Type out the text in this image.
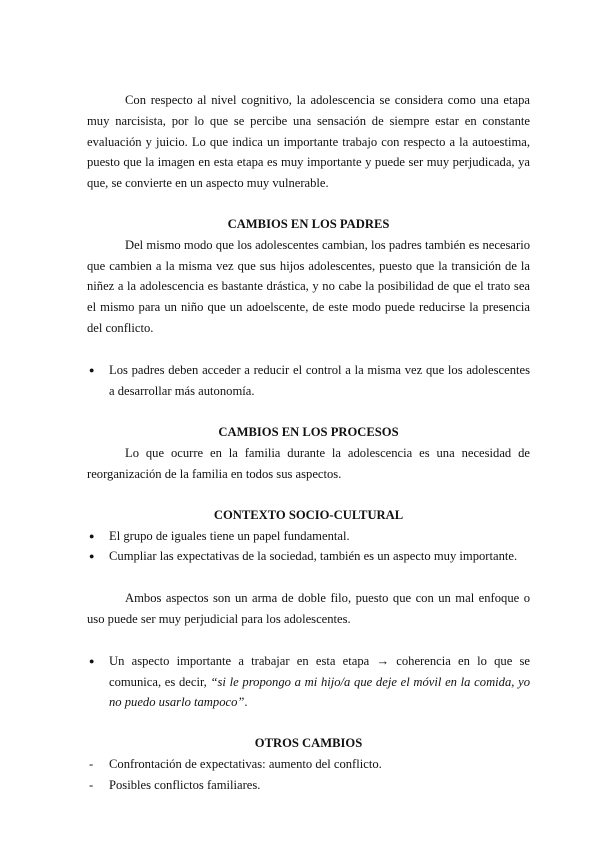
Con respecto al nivel cognitivo, la adolescencia se considera como una etapa muy narcisista, por lo que se percibe una sensación de siempre estar en constante evaluación y juicio. Lo que indica un importante trabajo con respecto a la autoestima, puesto que la imagen en esta etapa es muy importante y puede ser muy perjudicada, ya que, se convierte en un aspecto muy vulnerable.

CAMBIOS EN LOS PADRES

Del mismo modo que los adolescentes cambian, los padres también es necesario que cambien a la misma vez que sus hijos adolescentes, puesto que la transición de la niñez a la adolescencia es bastante drástica, y no cabe la posibilidad de que el trato sea el mismo para un niño que un adoelscente, de este modo puede reducirse la presencia del conflicto.

● Los padres deben acceder a reducir el control a la misma vez que los adolescentes a desarrollar más autonomía.
CAMBIOS EN LOS PROCESOS

Lo que ocurre en la familia durante la adolescencia es una necesidad de reorganización de la familia en todos sus aspectos.

CONTEXTO SOCIO-CULTURAL
● El grupo de iguales tiene un papel fundamental.
● Cumpliar las expectativas de la sociedad, también es un aspecto muy importante.

Ambos aspectos son un arma de doble filo, puesto que con un mal enfoque o uso puede ser muy perjudicial para los adolescentes.

● Un aspecto importante a trabajar en esta etapa → coherencia en lo que se comunica, es decir, “si le propongo a mi hijo/a que deje el móvil en la comida, yo no puedo usarlo tampoco”.
OTROS CAMBIOS
- Confrontación de expectativas: aumento del conflicto.
- Posibles conflictos familiares.
